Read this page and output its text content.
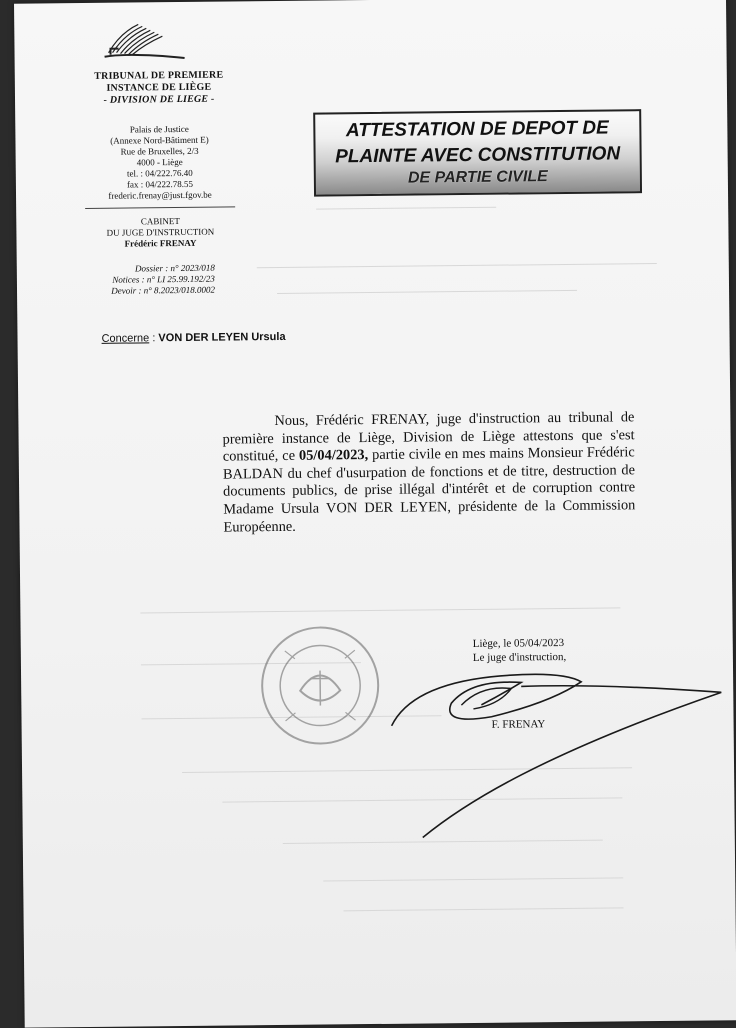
TRIBUNAL DE PREMIERE
INSTANCE DE LIÈGE
- DIVISION DE LIEGE -
Palais de Justice
(Annexe Nord-Bâtiment E)
Rue de Bruxelles, 2/3
4000 - Liège
tel. : 04/222.76.40
fax : 04/222.78.55
frederic.frenay@just.fgov.be
CABINET
DU JUGE D'INSTRUCTION
Frédéric FRENAY
Dossier : n° 2023/018
Notices : n° LI 25.99.192/23
Devoir : n° 8.2023/018.0002
Concerne : VON DER LEYEN Ursula
ATTESTATION DE DEPOT DE
PLAINTE AVEC CONSTITUTION
DE PARTIE CIVILE

Nous, Frédéric FRENAY, juge d'instruction au tribunal de première instance de Liège, Division de Liège attestons que s'est constitué, ce 05/04/2023, partie civile en mes mains Monsieur Frédéric BALDAN du chef d'usurpation de fonctions et de titre, destruction de documents publics, de prise illégal d'intérêt et de corruption contre Madame Ursula VON DER LEYEN, présidente de la Commission Européenne.

Liège, le 05/04/2023
Le juge d'instruction,
F. FRENAY
